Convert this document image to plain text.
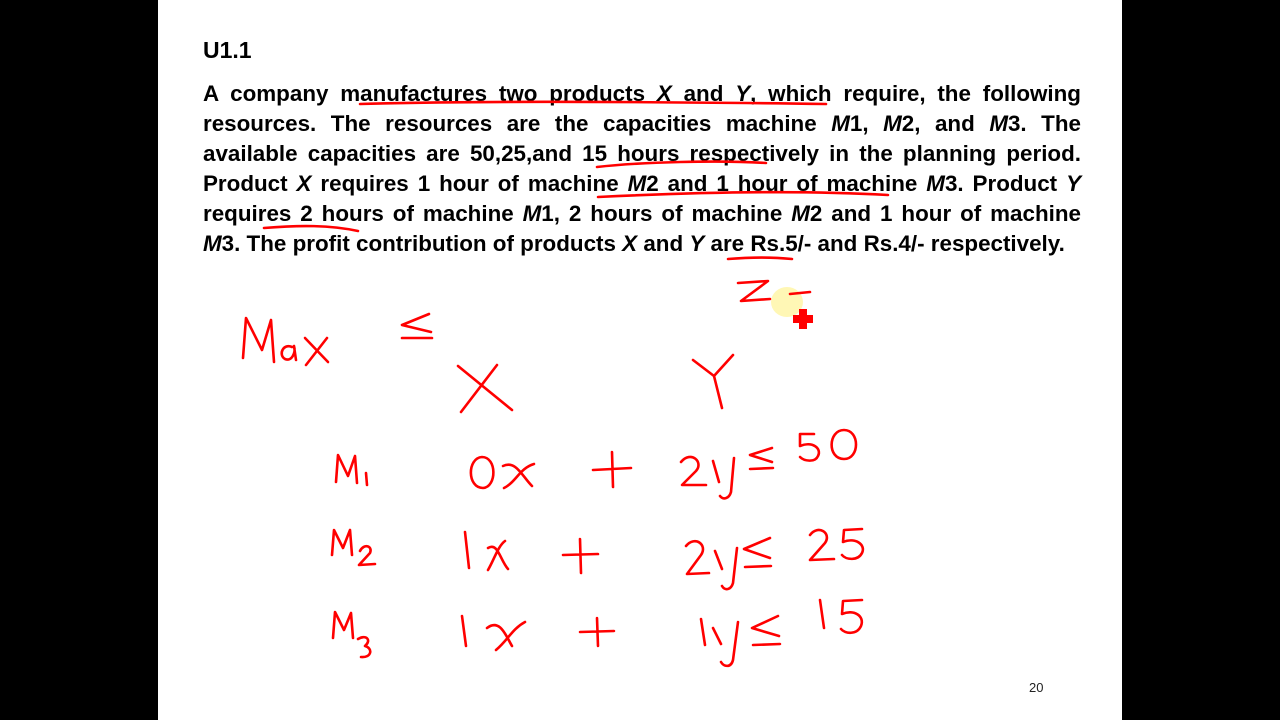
U1.1

A company manufactures two products X and Y, which require, the following resources. The resources are the capacities machine M1, M2, and M3. The available capacities are 50,25,and 15 hours respectively in the planning period. Product X requires 1 hour of machine M2 and 1 hour of machine M3. Product Y requires 2 hours of machine M1, 2 hours of machine M2 and 1 hour of machine M3. The profit contribution of products X and Y are Rs.5/- and Rs.4/- respectively.

20
